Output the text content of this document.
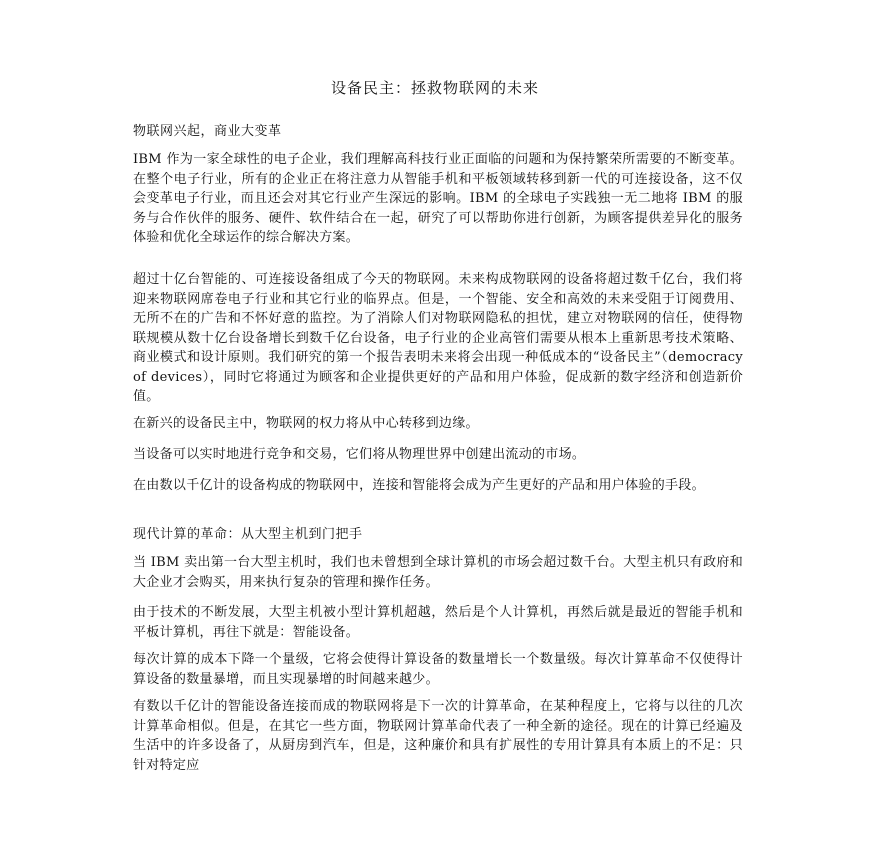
设备民主：拯救物联网的未来
物联网兴起，商业大变革
IBM 作为一家全球性的电子企业，我们理解高科技行业正面临的问题和为保持繁荣所需要的不断变革。在整个电子行业，所有的企业正在将注意力从智能手机和平板领域转移到新一代的可连接设备，这不仅会变革电子行业，而且还会对其它行业产生深远的影响。IBM 的全球电子实践独一无二地将 IBM 的服务与合作伙伴的服务、硬件、软件结合在一起，研究了可以帮助你进行创新，为顾客提供差异化的服务体验和优化全球运作的综合解决方案。
超过十亿台智能的、可连接设备组成了今天的物联网。未来构成物联网的设备将超过数千亿台，我们将迎来物联网席卷电子行业和其它行业的临界点。但是，一个智能、安全和高效的未来受阻于订阅费用、无所不在的广告和不怀好意的监控。为了消除人们对物联网隐私的担忧，建立对物联网的信任，使得物联规模从数十亿台设备增长到数千亿台设备，电子行业的企业高管们需要从根本上重新思考技术策略、商业模式和设计原则。我们研究的第一个报告表明未来将会出现一种低成本的“设备民主”（democracy of devices），同时它将通过为顾客和企业提供更好的产品和用户体验，促成新的数字经济和创造新价值。
在新兴的设备民主中，物联网的权力将从中心转移到边缘。
当设备可以实时地进行竞争和交易，它们将从物理世界中创建出流动的市场。
在由数以千亿计的设备构成的物联网中，连接和智能将会成为产生更好的产品和用户体验的手段。
现代计算的革命：从大型主机到门把手
当 IBM 卖出第一台大型主机时，我们也未曾想到全球计算机的市场会超过数千台。大型主机只有政府和大企业才会购买，用来执行复杂的管理和操作任务。
由于技术的不断发展，大型主机被小型计算机超越，然后是个人计算机，再然后就是最近的智能手机和平板计算机，再往下就是：智能设备。
每次计算的成本下降一个量级，它将会使得计算设备的数量增长一个数量级。每次计算革命不仅使得计算设备的数量暴增，而且实现暴增的时间越来越少。
有数以千亿计的智能设备连接而成的物联网将是下一次的计算革命，在某种程度上，它将与以往的几次计算革命相似。但是，在其它一些方面，物联网计算革命代表了一种全新的途径。现在的计算已经遍及生活中的许多设备了，从厨房到汽车，但是，这种廉价和具有扩展性的专用计算具有本质上的不足：只针对特定应
